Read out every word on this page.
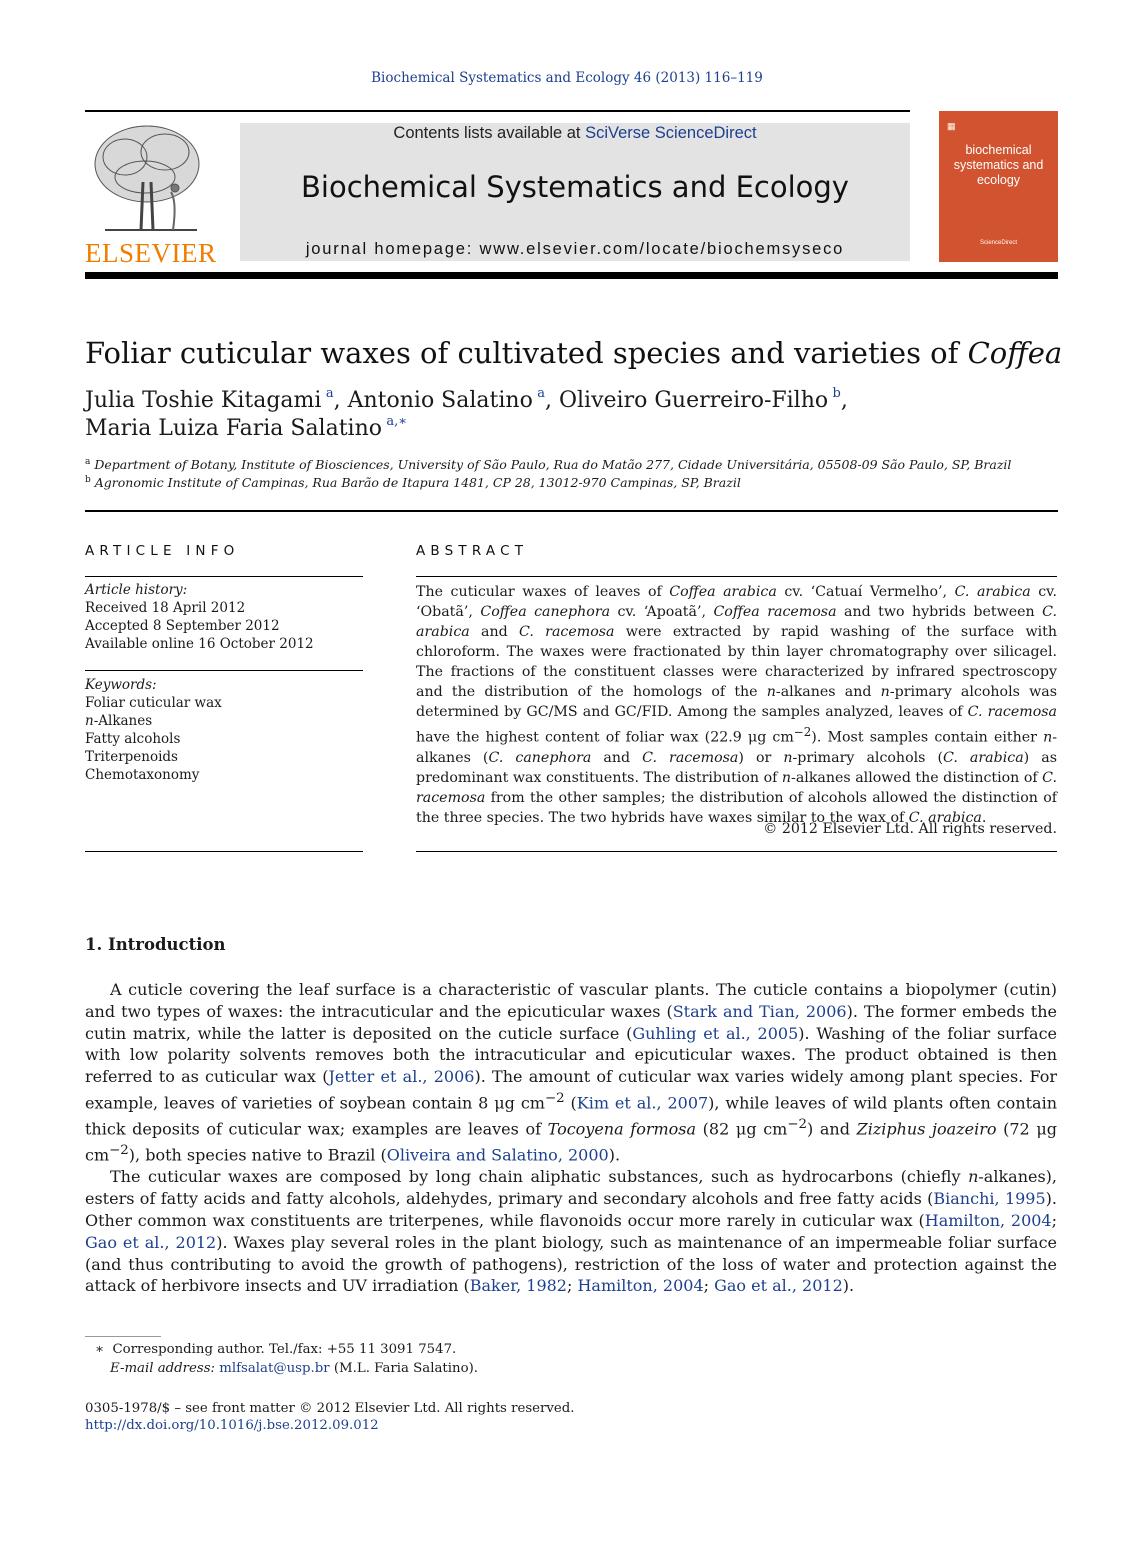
Biochemical Systematics and Ecology 46 (2013) 116–119
ELSEVIER
Contents lists available at SciVerse ScienceDirect
Biochemical Systematics and Ecology
journal homepage: www.elsevier.com/locate/biochemsyseco
▦
biochemical systematics and ecology
ScienceDirect
Foliar cuticular waxes of cultivated species and varieties of Coffea
Julia Toshie Kitagami  $^a$, Antonio Salatino  $^a$, Oliveiro Guerreiro-Filho  $^b$,
Maria Luiza Faria Salatino  $^{a,∗}$
$^a$ Department of Botany, Institute of Biosciences, University of São Paulo, Rua do Matão 277, Cidade Universitária, 05508-09 São Paulo, SP, Brazil
$^b$ Agronomic Institute of Campinas, Rua Barão de Itapura 1481, CP 28, 13012-970 Campinas, SP, Brazil
ARTICLE INFO
Article history:
Received 18 April 2012
Accepted 8 September 2012
Available online 16 October 2012
Keywords:
Foliar cuticular wax
n-Alkanes
Fatty alcohols
Triterpenoids
Chemotaxonomy
ABSTRACT
The cuticular waxes of leaves of Coffea arabica cv. ‘Catuaí Vermelho’, C. arabica cv. ‘Obatã’, Coffea canephora cv. ‘Apoatã’, Coffea racemosa and two hybrids between C. arabica and C. racemosa were extracted by rapid washing of the surface with chloroform. The waxes were fractionated by thin layer chromatography over silicagel. The fractions of the constituent classes were characterized by infrared spectroscopy and the distribution of the homologs of the n-alkanes and n-primary alcohols was determined by GC/MS and GC/FID. Among the samples analyzed, leaves of C. racemosa have the highest content of foliar wax (22.9 μg $cm^{-2}$). Most samples contain either n-alkanes (C. canephora and C. racemosa) or n-primary alcohols (C. arabica) as predominant wax constituents. The distribution of n-alkanes allowed the distinction of C. racemosa from the other samples; the distribution of alcohols allowed the distinction of the three species. The two hybrids have waxes similar to the wax of C. arabica.
© 2012 Elsevier Ltd. All rights reserved.
1. Introduction

A cuticle covering the leaf surface is a characteristic of vascular plants. The cuticle contains a biopolymer (cutin) and two types of waxes: the intracuticular and the epicuticular waxes (Stark and Tian, 2006). The former embeds the cutin matrix, while the latter is deposited on the cuticle surface (Guhling et al., 2005). Washing of the foliar surface with low polarity solvents removes both the intracuticular and epicuticular waxes. The product obtained is then referred to as cuticular wax (Jetter et al., 2006). The amount of cuticular wax varies widely among plant species. For example, leaves of varieties of soybean contain 8 μg $cm^{-2}$ (Kim et al., 2007), while leaves of wild plants often contain thick deposits of cuticular wax; examples are leaves of Tocoyena formosa (82 μg $cm^{-2}$) and Ziziphus joazeiro (72 μg $cm^{-2}$), both species native to Brazil (Oliveira and Salatino, 2000).

The cuticular waxes are composed by long chain aliphatic substances, such as hydrocarbons (chiefly n-alkanes), esters of fatty acids and fatty alcohols, aldehydes, primary and secondary alcohols and free fatty acids (Bianchi, 1995). Other common wax constituents are triterpenes, while flavonoids occur more rarely in cuticular wax (Hamilton, 2004; Gao et al., 2012). Waxes play several roles in the plant biology, such as maintenance of an impermeable foliar surface (and thus contributing to avoid the growth of pathogens), restriction of the loss of water and protection against the attack of herbivore insects and UV irradiation (Baker, 1982; Hamilton, 2004; Gao et al., 2012).

∗  Corresponding author. Tel./fax: +55 11 3091 7547.
E-mail address: mlfsalat@usp.br (M.L. Faria Salatino).
0305-1978/$ – see front matter © 2012 Elsevier Ltd. All rights reserved.
http://dx.doi.org/10.1016/j.bse.2012.09.012
